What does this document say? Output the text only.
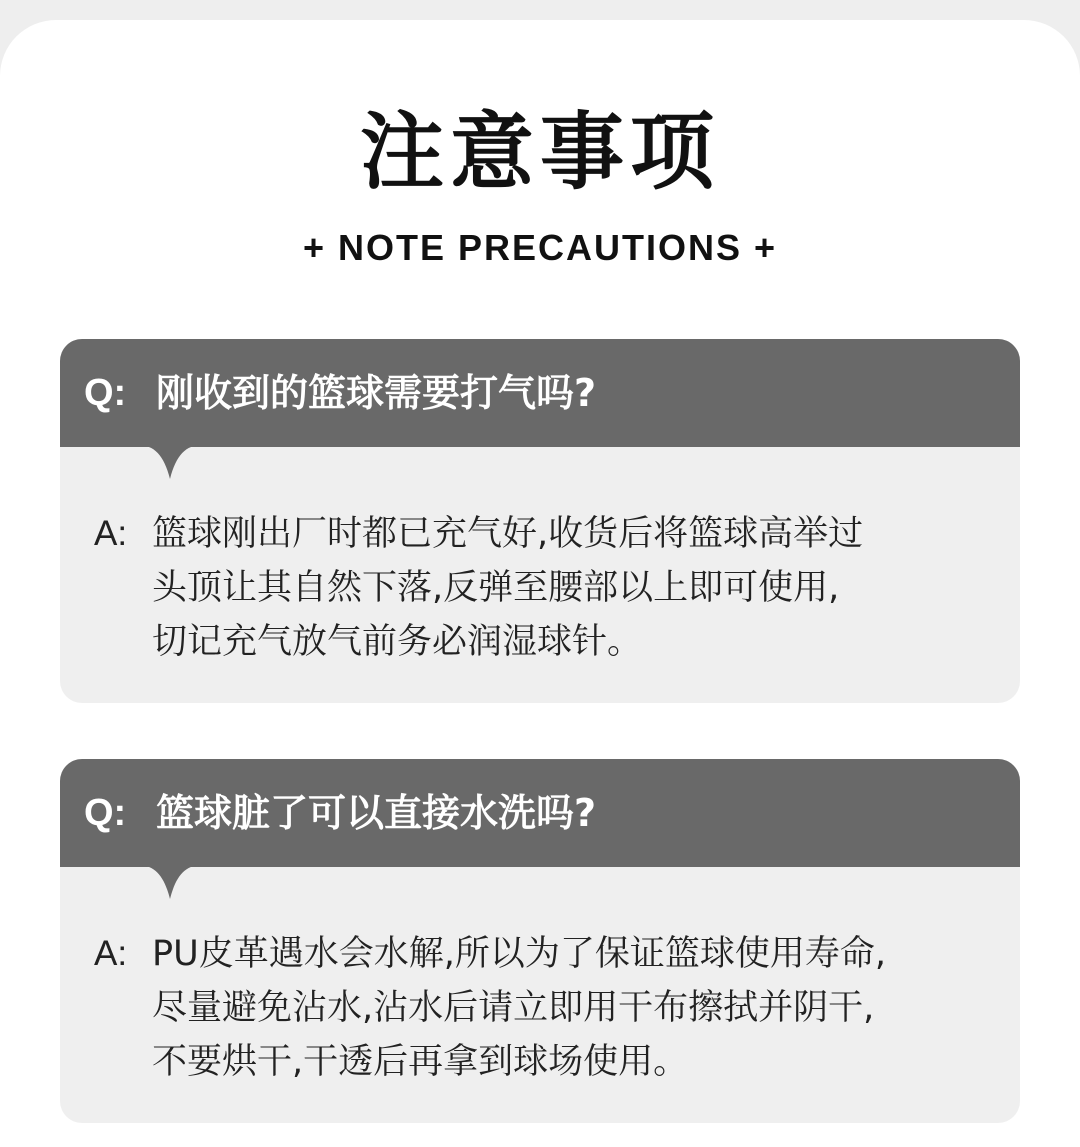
注意事项
+ NOTE PRECAUTIONS +
Q: 刚收到的篮球需要打气吗?
A: 篮球刚出厂时都已充气好,收货后将篮球高举过
头顶让其自然下落,反弹至腰部以上即可使用,
切记充气放气前务必润湿球针。
Q: 篮球脏了可以直接水洗吗?
A: PU皮革遇水会水解,所以为了保证篮球使用寿命,
尽量避免沾水,沾水后请立即用干布擦拭并阴干,
不要烘干,干透后再拿到球场使用。
